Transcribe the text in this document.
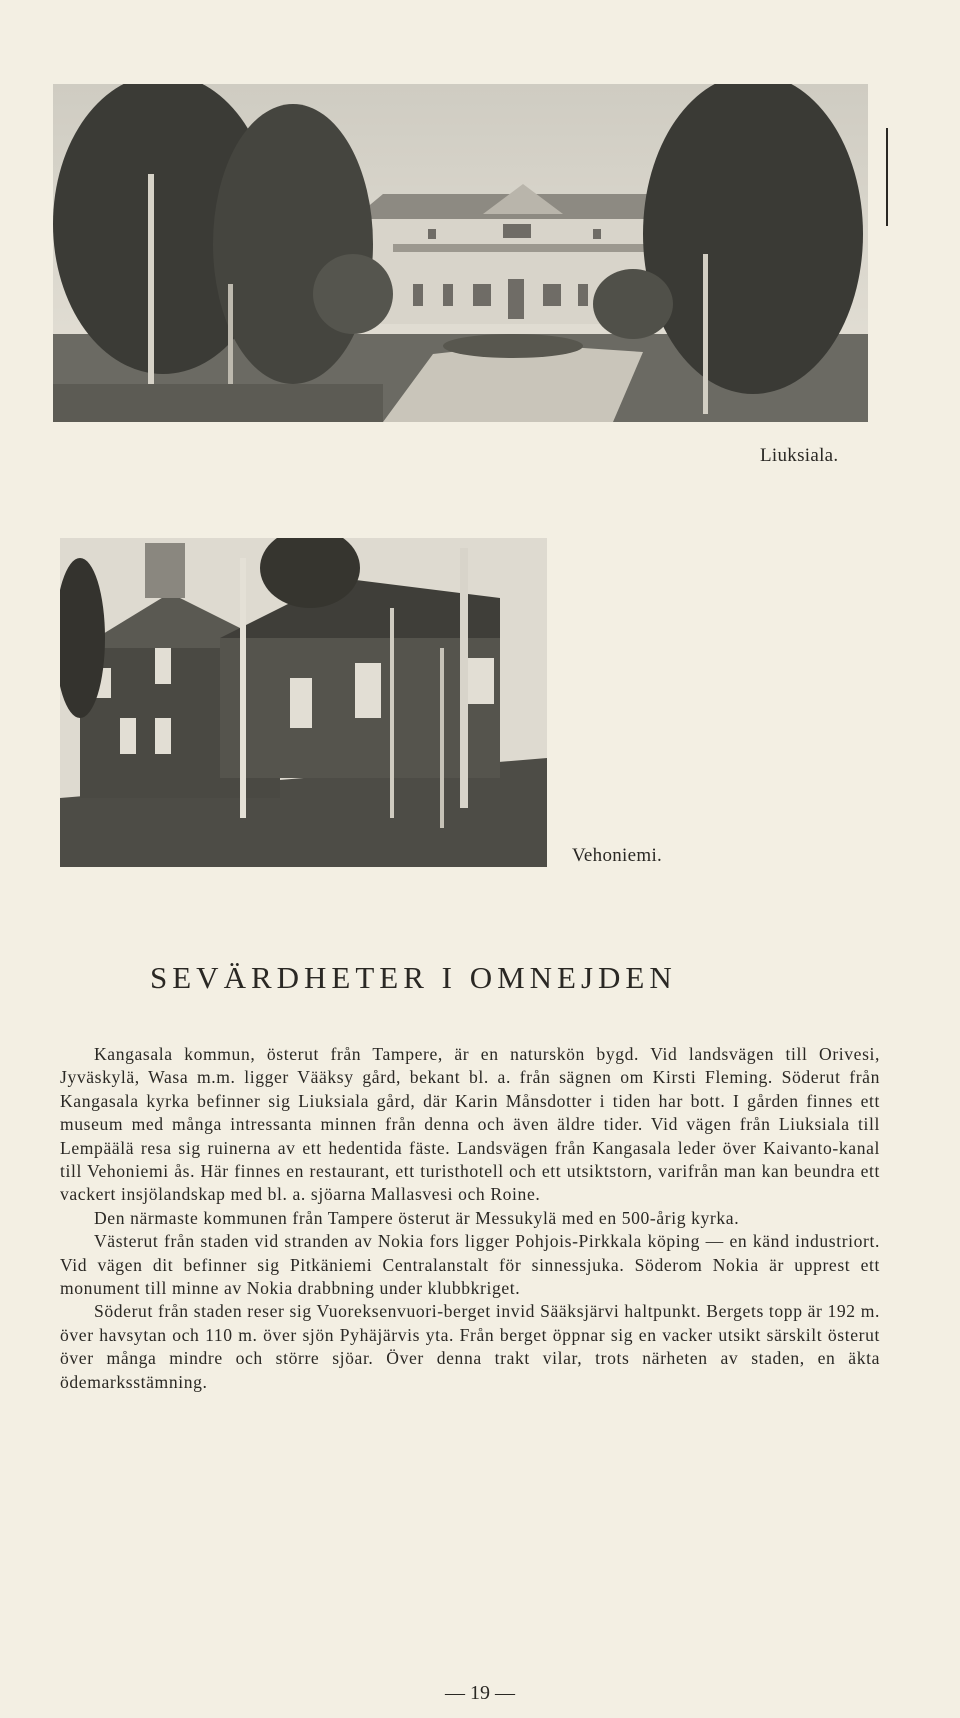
Liuksiala.
Vehoniemi.
SEVÄRDHETER I OMNEJDEN

Kangasala kommun, österut från Tampere, är en naturskön bygd. Vid landsvägen till Orivesi, Jyväskylä, Wasa m.m. ligger Vääksy gård, bekant bl. a. från sägnen om Kirsti Fleming. Söderut från Kangasala kyrka befinner sig Liuksiala gård, där Karin Månsdotter i tiden har bott. I gården finnes ett museum med många intressanta minnen från denna och även äldre tider. Vid vägen från Liuksiala till Lempäälä resa sig ruinerna av ett hedentida fäste. Landsvägen från Kangasala leder över Kaivanto-kanal till Vehoniemi ås. Här finnes en restaurant, ett turisthotell och ett utsiktstorn, varifrån man kan beundra ett vackert insjölandskap med bl. a. sjöarna Mallasvesi och Roine.

Den närmaste kommunen från Tampere österut är Messukylä med en 500-årig kyrka.

Västerut från staden vid stranden av Nokia fors ligger Pohjois-Pirkkala köping — en känd industriort. Vid vägen dit befinner sig Pitkäniemi Centralanstalt för sinnessjuka. Söderom Nokia är upprest ett monument till minne av Nokia drabbning under klubbkriget.

Söderut från staden reser sig Vuoreksenvuori-berget invid Sääksjärvi haltpunkt. Bergets topp är 192 m. över havsytan och 110 m. över sjön Pyhäjärvis yta. Från berget öppnar sig en vacker utsikt särskilt österut över många mindre och större sjöar. Över denna trakt vilar, trots närheten av staden, en äkta ödemarksstämning.

— 19 —
